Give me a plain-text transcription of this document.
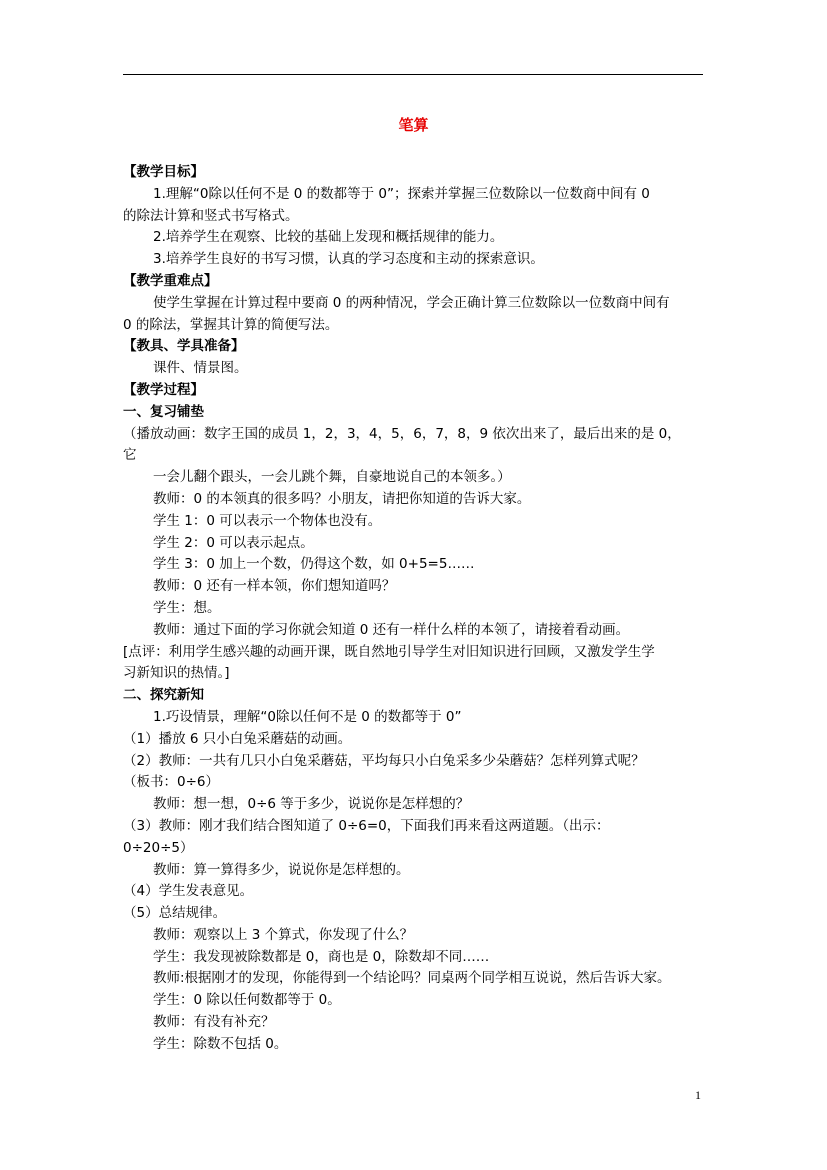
笔算
【教学目标】
1.理解“0除以任何不是 0 的数都等于 0”；探索并掌握三位数除以一位数商中间有 0
的除法计算和竖式书写格式。
2.培养学生在观察、比较的基础上发现和概括规律的能力。
3.培养学生良好的书写习惯，认真的学习态度和主动的探索意识。
【教学重难点】
使学生掌握在计算过程中要商 0 的两种情况，学会正确计算三位数除以一位数商中间有
0 的除法，掌握其计算的简便写法。
【教具、学具准备】
课件、情景图。
【教学过程】
一、复习铺垫
（播放动画：数字王国的成员 1，2，3，4，5，6，7，8，9 依次出来了，最后出来的是 0，
它
一会儿翻个跟头，一会儿跳个舞，自豪地说自己的本领多。）
教师：0 的本领真的很多吗？小朋友，请把你知道的告诉大家。
学生 1：0 可以表示一个物体也没有。
学生 2：0 可以表示起点。
学生 3：0 加上一个数，仍得这个数，如 0+5=5……
教师：0 还有一样本领，你们想知道吗？
学生：想。
教师：通过下面的学习你就会知道 0 还有一样什么样的本领了，请接着看动画。
[点评：利用学生感兴趣的动画开课，既自然地引导学生对旧知识进行回顾，又激发学生学
习新知识的热情。]
二、探究新知
1.巧设情景，理解“0除以任何不是 0 的数都等于 0”
（1）播放 6 只小白兔采蘑菇的动画。
（2）教师：一共有几只小白兔采蘑菇，平均每只小白兔采多少朵蘑菇？怎样列算式呢？
（板书：0÷6）
教师：想一想，0÷6 等于多少，说说你是怎样想的？
（3）教师：刚才我们结合图知道了 0÷6=0，下面我们再来看这两道题。（出示：
0÷20÷5）
教师：算一算得多少，说说你是怎样想的。
（4）学生发表意见。
（5）总结规律。
教师：观察以上 3 个算式，你发现了什么？
学生：我发现被除数都是 0，商也是 0，除数却不同……
教师:根据刚才的发现，你能得到一个结论吗？同桌两个同学相互说说，然后告诉大家。
学生：0 除以任何数都等于 0。
教师：有没有补充？
学生：除数不包括 0。
1
